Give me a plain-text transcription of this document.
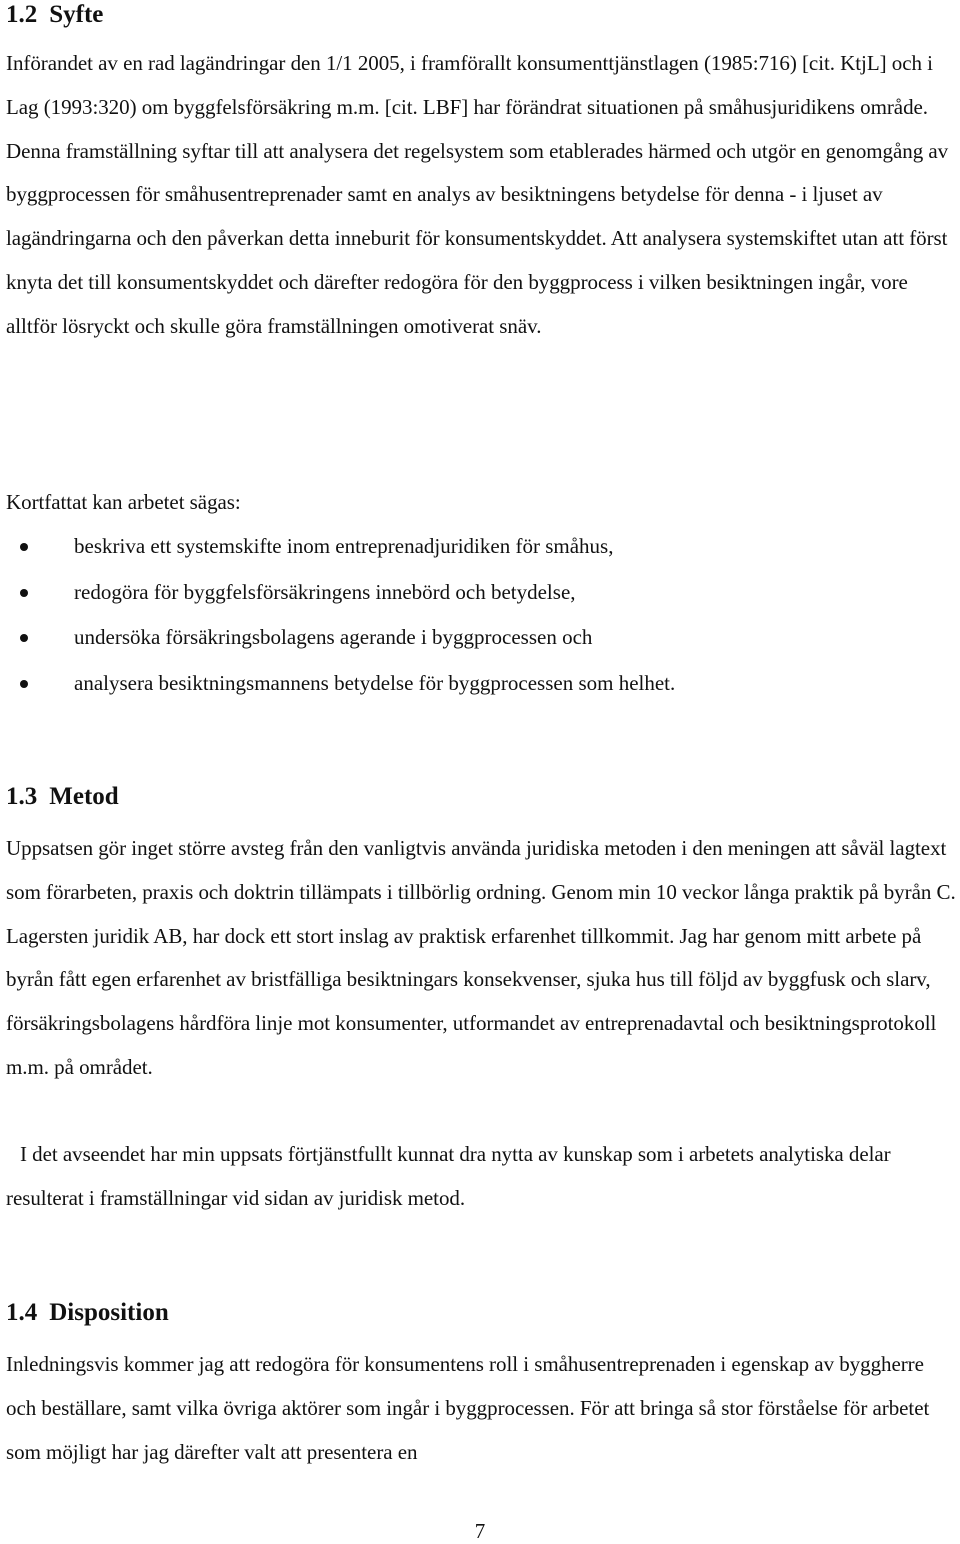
1.2 Syfte

Införandet av en rad lagändringar den 1/1 2005, i framförallt konsumenttjänstlagen (1985:716) [cit. KtjL] och i Lag (1993:320) om byggfelsförsäkring m.m. [cit. LBF] har förändrat situationen på småhusjuridikens område. Denna framställning syftar till att analysera det regelsystem som etablerades härmed och utgör en genomgång av byggprocessen för småhusentreprenader samt en analys av besiktningens betydelse för denna - i ljuset av lagändringarna och den påverkan detta inneburit för konsumentskyddet. Att analysera systemskiftet utan att först knyta det till konsumentskyddet och därefter redogöra för den byggprocess i vilken besiktningen ingår, vore alltför lösryckt och skulle göra framställningen omotiverat snäv.

Kortfattat kan arbetet sägas:

beskriva ett systemskifte inom entreprenadjuridiken för småhus,
redogöra för byggfelsförsäkringens innebörd och betydelse,
undersöka försäkringsbolagens agerande i byggprocessen och
analysera besiktningsmannens betydelse för byggprocessen som helhet.
1.3 Metod

Uppsatsen gör inget större avsteg från den vanligtvis använda juridiska metoden i den meningen att såväl lagtext som förarbeten, praxis och doktrin tillämpats i tillbörlig ordning. Genom min 10 veckor långa praktik på byrån C. Lagersten juridik AB, har dock ett stort inslag av praktisk erfarenhet tillkommit. Jag har genom mitt arbete på byrån fått egen erfarenhet av bristfälliga besiktningars konsekvenser, sjuka hus till följd av byggfusk och slarv, försäkringsbolagens hårdföra linje mot konsumenter, utformandet av entreprenadavtal och besiktningsprotokoll m.m. på området.

I det avseendet har min uppsats förtjänstfullt kunnat dra nytta av kunskap som i arbetets analytiska delar resulterat i framställningar vid sidan av juridisk metod.

1.4 Disposition

Inledningsvis kommer jag att redogöra för konsumentens roll i småhusentreprenaden i egenskap av byggherre och beställare, samt vilka övriga aktörer som ingår i byggprocessen. För att bringa så stor förståelse för arbetet som möjligt har jag därefter valt att presentera en

7
